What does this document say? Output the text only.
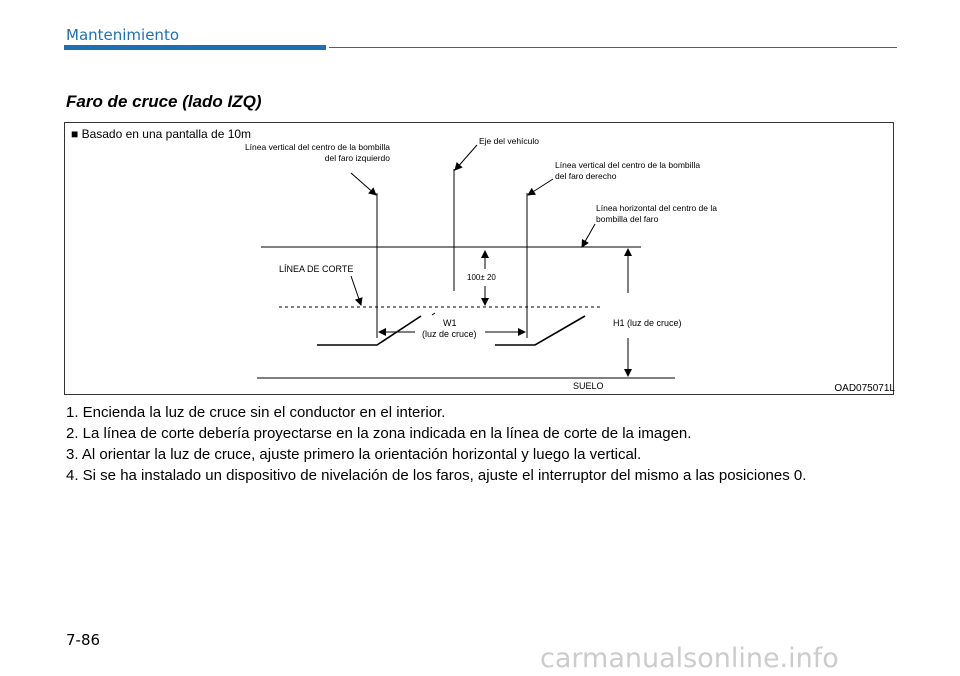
Mantenimiento
Faro de cruce (lado IZQ)
■ Basado en una pantalla de 10m
100± 20
W1
(luz de cruce)
H1 (luz de cruce)
Línea vertical del centro de la bombilla
del faro izquierdo
Eje del vehículo
Línea vertical del centro de la bombilla
del faro derecho
Línea horizontal del centro de la
bombilla del faro
LÍNEA DE CORTE
SUELO	OAD075071L
1. Encienda la luz de cruce sin el conductor en el interior.
2. La línea de corte debería proyectarse en la zona indicada en la línea de corte de la imagen.
3. Al orientar la luz de cruce, ajuste primero la orientación horizontal y luego la vertical.
4. Si se ha instalado un dispositivo de nivelación de los faros, ajuste el interruptor del mismo a las posiciones 0.
7-86
carmanualsonline.info
